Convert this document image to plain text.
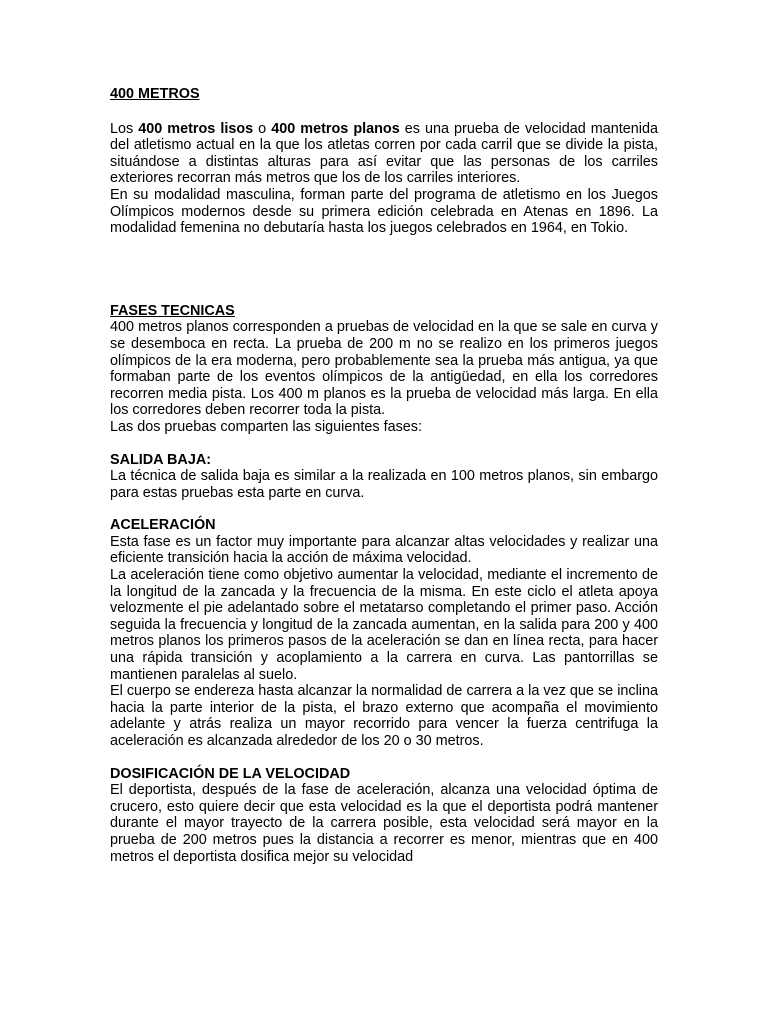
400 METROS

Los 400 metros lisos o 400 metros planos es una prueba de velocidad mantenida del atletismo actual en la que los atletas corren por cada carril que se divide la pista, situándose a distintas alturas para así evitar que las personas de los carriles exteriores recorran más metros que los de los carriles interiores.

En su modalidad masculina, forman parte del programa de atletismo en los Juegos Olímpicos modernos desde su primera edición celebrada en Atenas en 1896. La modalidad femenina no debutaría hasta los juegos celebrados en 1964, en Tokio.

FASES TECNICAS

400 metros planos corresponden a pruebas de velocidad en la que se sale en curva y se desemboca en recta. La prueba de 200 m no se realizo en los primeros juegos olímpicos de la era moderna, pero probablemente sea la prueba más antigua, ya que formaban parte de los eventos olímpicos de la antigüedad, en ella los corredores recorren media pista. Los 400 m planos es la prueba de velocidad más larga. En ella los corredores deben recorrer toda la pista.

Las dos pruebas comparten las siguientes fases:

SALIDA BAJA:

La técnica de salida baja es similar a la realizada en 100 metros planos, sin embargo para estas pruebas esta parte en curva.

ACELERACIÓN

Esta fase es un factor muy importante para alcanzar altas velocidades y realizar una eficiente transición hacia la acción de máxima velocidad.

La aceleración tiene como objetivo aumentar la velocidad, mediante el incremento de la longitud de la zancada y la frecuencia de la misma. En este ciclo el atleta apoya velozmente el pie adelantado sobre el metatarso completando el primer paso. Acción seguida la frecuencia y longitud de la zancada aumentan, en la salida para 200 y 400 metros planos los primeros pasos de la aceleración se dan en línea recta, para hacer una rápida transición y acoplamiento a la carrera en curva. Las pantorrillas se mantienen paralelas al suelo.

El cuerpo se endereza hasta alcanzar la normalidad de carrera a la vez que se inclina hacia la parte interior de la pista, el brazo externo que acompaña el movimiento adelante y atrás realiza un mayor recorrido para vencer la fuerza centrifuga la aceleración es alcanzada alrededor de los 20 o 30 metros.

DOSIFICACIÓN DE LA VELOCIDAD

El deportista, después de la fase de aceleración, alcanza una velocidad óptima de crucero, esto quiere decir que esta velocidad es la que el deportista podrá mantener durante el mayor trayecto de la carrera posible, esta velocidad será mayor en la prueba de 200 metros pues la distancia a recorrer es menor, mientras que en 400 metros el deportista dosifica mejor su velocidad
